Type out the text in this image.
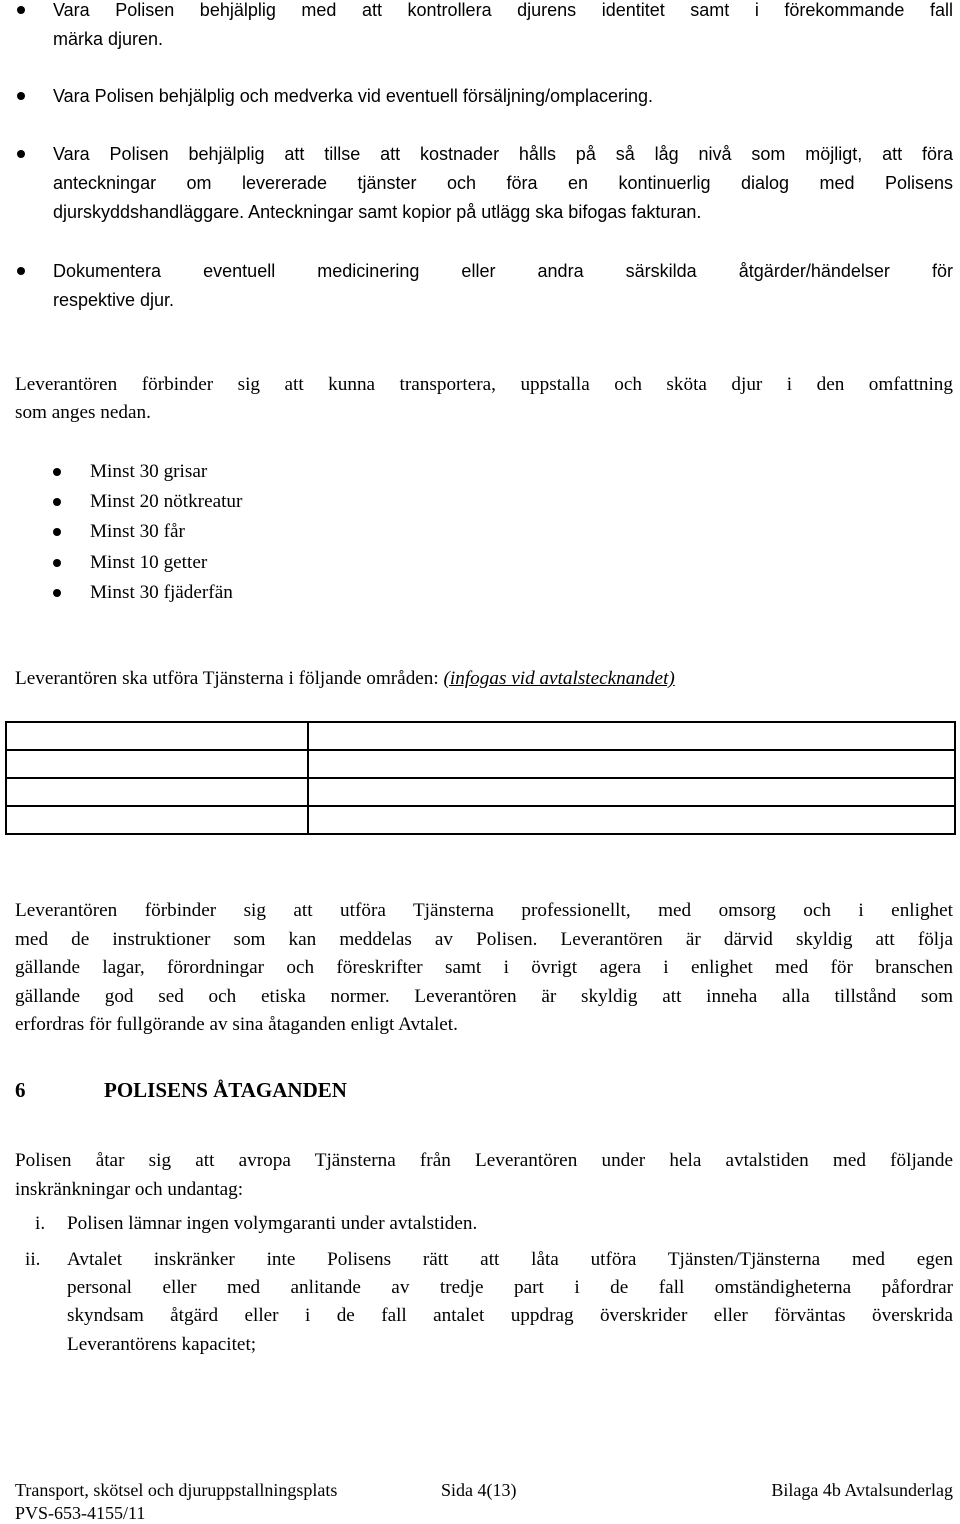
Vara Polisen behjälplig med att kontrollera djurens identitet samt i förekommande fall
märka djuren.
Vara Polisen behjälplig och medverka vid eventuell försäljning/omplacering.
Vara Polisen behjälplig att tillse att kostnader hålls på så låg nivå som möjligt, att föra
anteckningar om levererade tjänster och föra en kontinuerlig dialog med Polisens
djurskyddshandläggare. Anteckningar samt kopior på utlägg ska bifogas fakturan.
Dokumentera eventuell medicinering eller andra särskilda åtgärder/händelser för
respektive djur.
Leverantören förbinder sig att kunna transportera, uppstalla och sköta djur i den omfattning
som anges nedan.
Minst 30 grisar
Minst 20 nötkreatur
Minst 30 får
Minst 10 getter
Minst 30 fjäderfän
Leverantören ska utföra Tjänsterna i följande områden: (infogas vid avtalstecknandet)

Leverantören förbinder sig att utföra Tjänsterna professionellt, med omsorg och i enlighet
med de instruktioner som kan meddelas av Polisen. Leverantören är därvid skyldig att följa
gällande lagar, förordningar och föreskrifter samt i övrigt agera i enlighet med för branschen
gällande god sed och etiska normer. Leverantören är skyldig att inneha alla tillstånd som
erfordras för fullgörande av sina åtaganden enligt Avtalet.
6	POLISENS ÅTAGANDEN
Polisen åtar sig att avropa Tjänsterna från Leverantören under hela avtalstiden med följande
inskränkningar och undantag:
i. Polisen lämnar ingen volymgaranti under avtalstiden.
ii. Avtalet inskränker inte Polisens rätt att låta utföra Tjänsten/Tjänsterna med egen
personal eller med anlitande av tredje part i de fall omständigheterna påfordrar
skyndsam åtgärd eller i de fall antalet uppdrag överskrider eller förväntas överskrida
Leverantörens kapacitet;
Transport, skötsel och djuruppstallningsplats	Sida 4(13)	Bilaga 4b Avtalsunderlag
PVS-653-4155/11
